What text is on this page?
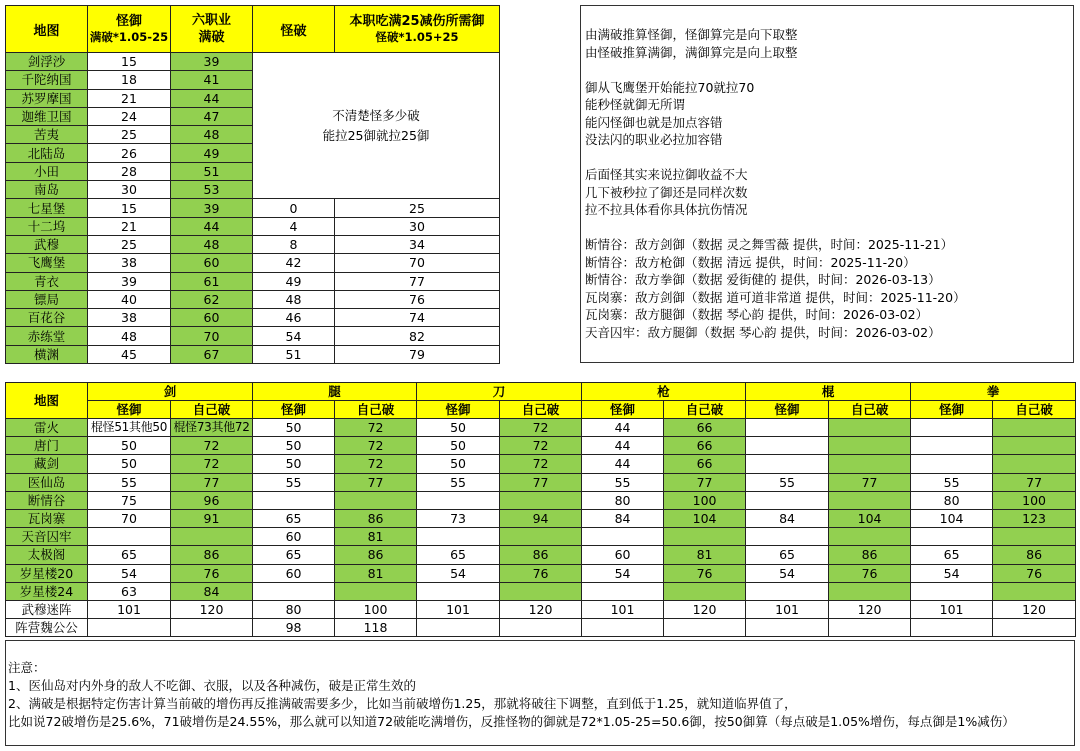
地图	怪御
满破*1.05-25	六职业
满破	怪破	本职吃满25减伤所需御
怪破*1.05+25

剑浮沙	15	39	不清楚怪多少破
能拉25御就拉25御	

千陀纳国	18	41		
苏罗摩国	21	44		
迦维卫国	24	47		
苦夷	25	48		
北陆岛	26	49		
小田	28	51		
南岛	30	53		
七星堡	15	39	0	25
十二坞	21	44	4	30
武穆	25	48	8	34
飞鹰堡	38	60	42	70
青衣	39	61	49	77
镖局	40	62	48	76
百花谷	38	60	46	74
赤练堂	48	70	54	82
横渊	45	67	51	79
由满破推算怪御，怪御算完是向下取整
由怪破推算满御，满御算完是向上取整
御从飞鹰堡开始能拉70就拉70
能秒怪就御无所谓
能闪怪御也就是加点容错
没法闪的职业必拉加容错
后面怪其实来说拉御收益不大
几下被秒拉了御还是同样次数
拉不拉具体看你具体抗伤情况
断情谷：敌方剑御（数据 灵之舞雪薇 提供，时间：2025-11-21）
断情谷：敌方枪御（数据 清远 提供，时间：2025-11-20）
断情谷：敌方拳御（数据 爱街健的 提供，时间：2026-03-13）
瓦岗寨：敌方剑御（数据 道可道非常道 提供，时间：2025-11-20）
瓦岗寨：敌方腿御（数据 琴心韵 提供，时间：2026-03-02）
天音囚牢：敌方腿御（数据 琴心韵 提供，时间：2026-03-02）
地图	剑		腿		刀		枪		棍		拳	
	怪御	自己破	怪御	自己破	怪御	自己破	怪御	自己破	怪御	自己破	怪御	自己破
雷火	棍怪51其他50	棍怪73其他72	50	72	50	72	44	66				
唐门	50	72	50	72	50	72	44	66				
藏剑	50	72	50	72	50	72	44	66				
医仙岛	55	77	55	77	55	77	55	77	55	77	55	77
断情谷	75	96					80	100			80	100
瓦岗寨	70	91	65	86	73	94	84	104	84	104	104	123
天音囚牢			60	81								
太极阁	65	86	65	86	65	86	60	81	65	86	65	86
岁星楼20	54	76	60	81	54	76	54	76	54	76	54	76
岁星楼24	63	84										
武穆迷阵	101	120	80	100	101	120	101	120	101	120	101	120
阵营魏公公			98	118								
注意：
1、医仙岛对内外身的敌人不吃御、衣服，以及各种减伤，破是正常生效的
2、满破是根据特定伤害计算当前破的增伤再反推满破需要多少，比如当前破增伤1.25，那就将破往下调整，直到低于1.25，就知道临界值了，
比如说72破增伤是25.6%，71破增伤是24.55%，那么就可以知道72破能吃满增伤，反推怪物的御就是72*1.05-25=50.6御，按50御算（每点破是1.05%增伤，每点御是1%减伤）
